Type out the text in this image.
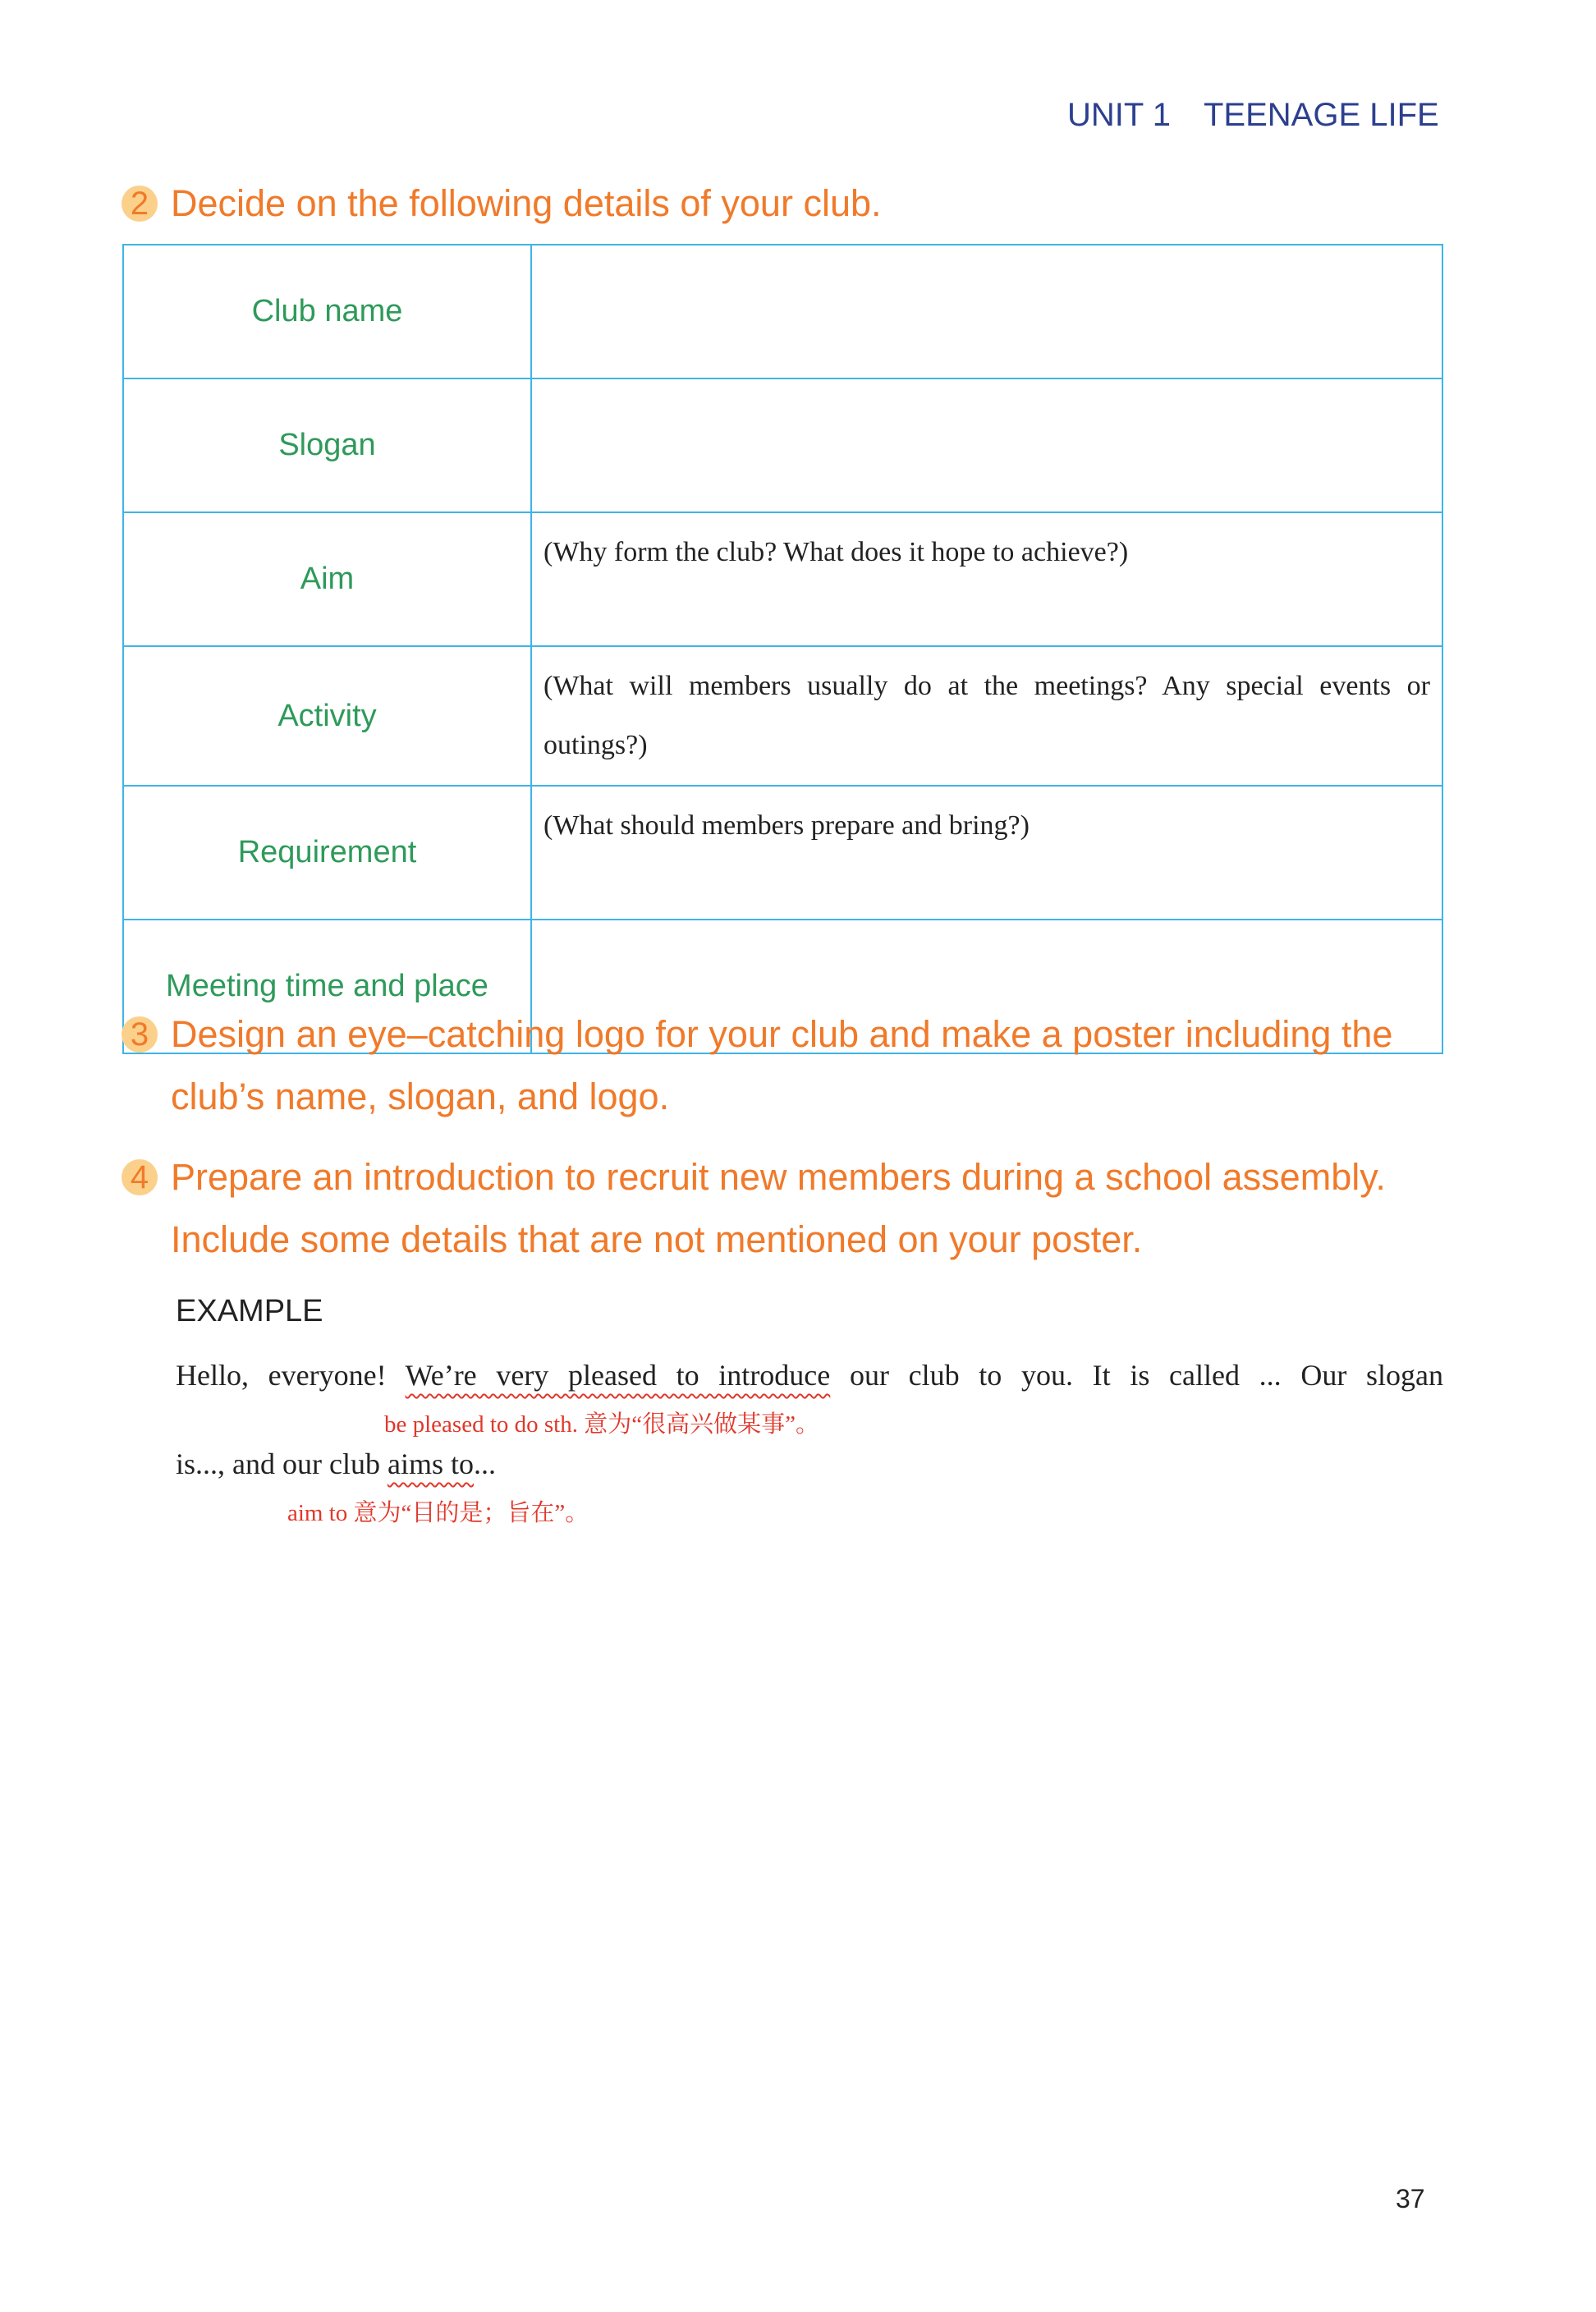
UNIT 1 TEENAGE LIFE
2 Decide on the following details of your club.
Club name	
Slogan	
Aim	(Why form the club? What does it hope to achieve?)
Activity	(What will members usually do at the meetings? Any special events or outings?)
Requirement	(What should members prepare and bring?)
Meeting time and place	
3 Design an eye–catching logo for your club and make a poster including the club’s name, slogan, and logo.
4 Prepare an introduction to recruit new members during a school assembly. Include some details that are not mentioned on your poster.
EXAMPLE
Hello, everyone! We’re very pleased to introduce our club to you. It is called ... Our slogan
be pleased to do sth. 意为“很高兴做某事”。
is..., and our club aims to...
aim to 意为“目的是；旨在”。
37
